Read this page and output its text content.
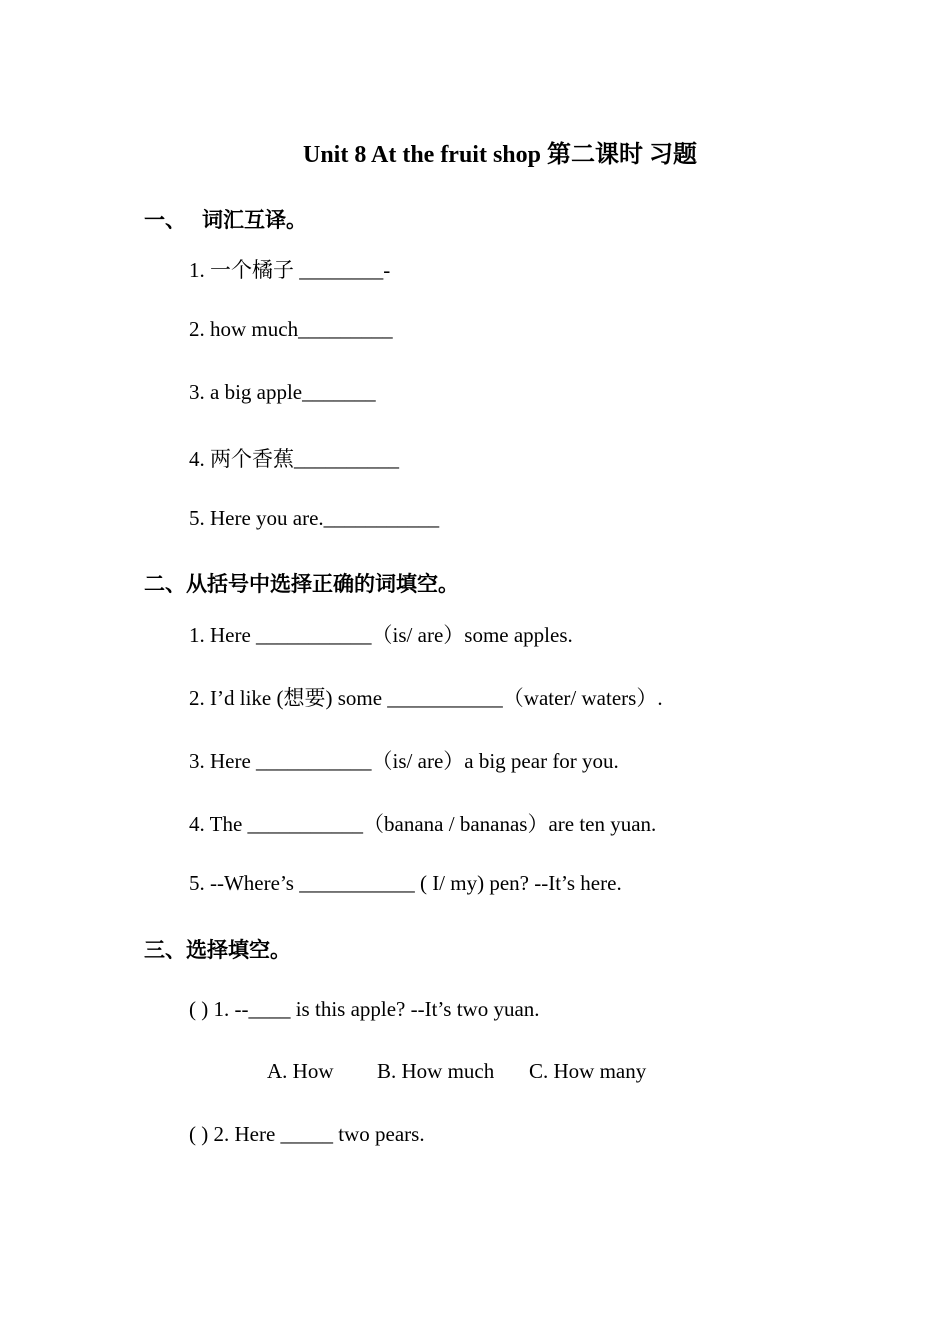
Unit 8 At the fruit shop 第二课时 习题
一、 词汇互译。
1. 一个橘子 ________-
2. how much_________
3. a big apple_______
4. 两个香蕉__________
5. Here you are.___________
二、从括号中选择正确的词填空。
1. Here ___________（is/ are）some apples.
2. I’d like (想要) some ___________（water/ waters）.
3. Here ___________（is/ are）a big pear for you.
4. The ___________（banana / bananas）are ten yuan.
5. --Where’s ___________ ( I/ my) pen? --It’s here.
三、选择填空。
( ) 1. --____ is this apple? --It’s two yuan.
A. How B. How much C. How many
( ) 2. Here _____ two pears.
